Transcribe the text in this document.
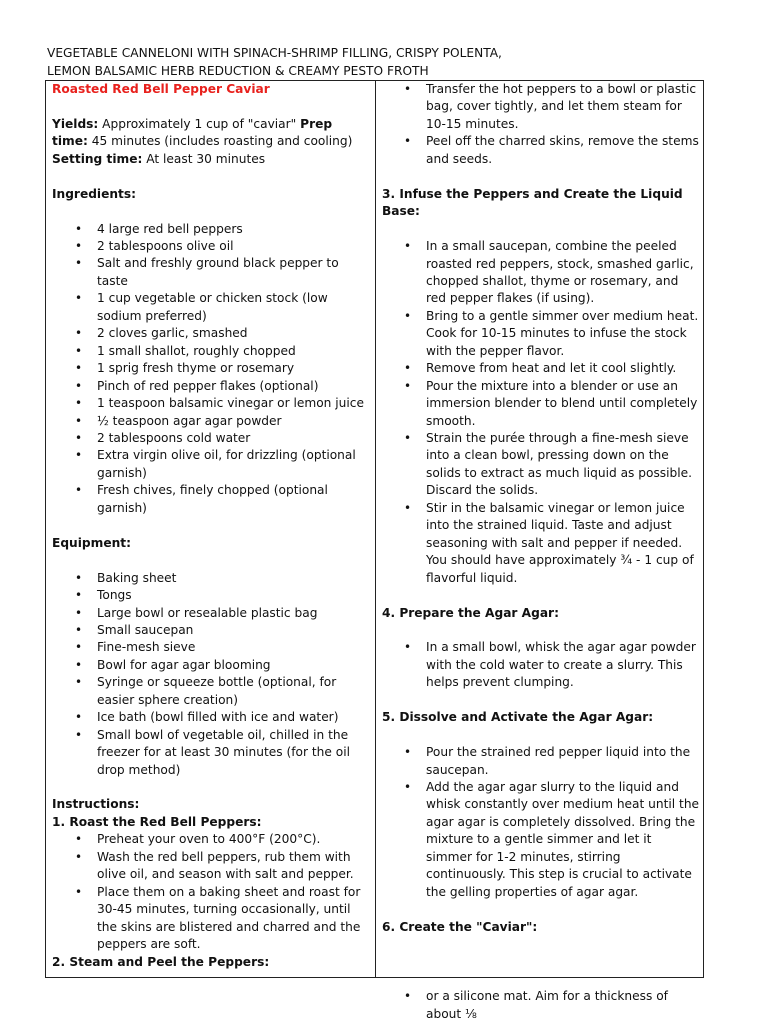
VEGETABLE CANNELONI WITH SPINACH-SHRIMP FILLING, CRISPY POLENTA,
LEMON BALSAMIC HERB REDUCTION & CREAMY PESTO FROTH
Roasted Red Bell Pepper Caviar
Yields: Approximately 1 cup of "caviar" Prep time: 45 minutes (includes roasting and cooling) Setting time: At least 30 minutes
Ingredients:
• 4 large red bell peppers
• 2 tablespoons olive oil
• Salt and freshly ground black pepper to taste
• 1 cup vegetable or chicken stock (low sodium preferred)
• 2 cloves garlic, smashed
• 1 small shallot, roughly chopped
• 1 sprig fresh thyme or rosemary
• Pinch of red pepper flakes (optional)
• 1 teaspoon balsamic vinegar or lemon juice
• ½ teaspoon agar agar powder
• 2 tablespoons cold water
• Extra virgin olive oil, for drizzling (optional garnish)
• Fresh chives, finely chopped (optional garnish)
Equipment:
• Baking sheet
• Tongs
• Large bowl or resealable plastic bag
• Small saucepan
• Fine-mesh sieve
• Bowl for agar agar blooming
• Syringe or squeeze bottle (optional, for easier sphere creation)
• Ice bath (bowl filled with ice and water)
• Small bowl of vegetable oil, chilled in the freezer for at least 30 minutes (for the oil drop method)
Instructions:
1. Roast the Red Bell Peppers:
• Preheat your oven to 400°F (200°C).
• Wash the red bell peppers, rub them with olive oil, and season with salt and pepper.
• Place them on a baking sheet and roast for 30-45 minutes, turning occasionally, until the skins are blistered and charred and the peppers are soft.
2. Steam and Peel the Peppers:
• Transfer the hot peppers to a bowl or plastic bag, cover tightly, and let them steam for 10-15 minutes.
• Peel off the charred skins, remove the stems and seeds.
3. Infuse the Peppers and Create the Liquid Base:
• In a small saucepan, combine the peeled roasted red peppers, stock, smashed garlic, chopped shallot, thyme or rosemary, and red pepper flakes (if using).
• Bring to a gentle simmer over medium heat. Cook for 10-15 minutes to infuse the stock with the pepper flavor.
• Remove from heat and let it cool slightly.
• Pour the mixture into a blender or use an immersion blender to blend until completely smooth.
• Strain the purée through a fine-mesh sieve into a clean bowl, pressing down on the solids to extract as much liquid as possible. Discard the solids.
• Stir in the balsamic vinegar or lemon juice into the strained liquid. Taste and adjust seasoning with salt and pepper if needed. You should have approximately ¾ - 1 cup of flavorful liquid.
4. Prepare the Agar Agar:
• In a small bowl, whisk the agar agar powder with the cold water to create a slurry. This helps prevent clumping.
5. Dissolve and Activate the Agar Agar:
• Pour the strained red pepper liquid into the saucepan.
• Add the agar agar slurry to the liquid and whisk constantly over medium heat until the agar agar is completely dissolved. Bring the mixture to a gentle simmer and let it simmer for 1-2 minutes, stirring continuously. This step is crucial to activate the gelling properties of agar agar.
6. Create the "Caviar":
• or a silicone mat. Aim for a thickness of about ⅛
